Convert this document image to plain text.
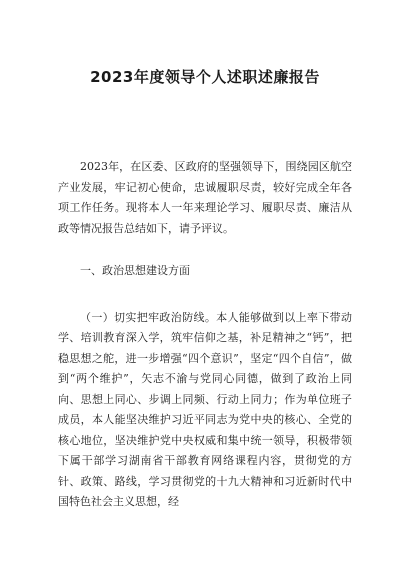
2023年度领导个人述职述廉报告

2023年，在区委、区政府的坚强领导下，围绕园区航空产业发展，牢记初心使命，忠诚履职尽责，较好完成全年各项工作任务。现将本人一年来理论学习、履职尽责、廉洁从政等情况报告总结如下，请予评议。

一、政治思想建设方面

（一）切实把牢政治防线。本人能够做到以上率下带动学、培训教育深入学，筑牢信仰之基，补足精神之“钙”，把稳思想之舵，进一步增强“四个意识”，坚定“四个自信”，做到“两个维护”，矢志不渝与党同心同德，做到了政治上同向、思想上同心、步调上同频、行动上同力；作为单位班子成员，本人能坚决维护习近平同志为党中央的核心、全党的核心地位，坚决维护党中央权威和集中统一领导，积极带领下属干部学习湖南省干部教育网络课程内容，贯彻党的方针、政策、路线，学习贯彻党的十九大精神和习近新时代中国特色社会主义思想，经
